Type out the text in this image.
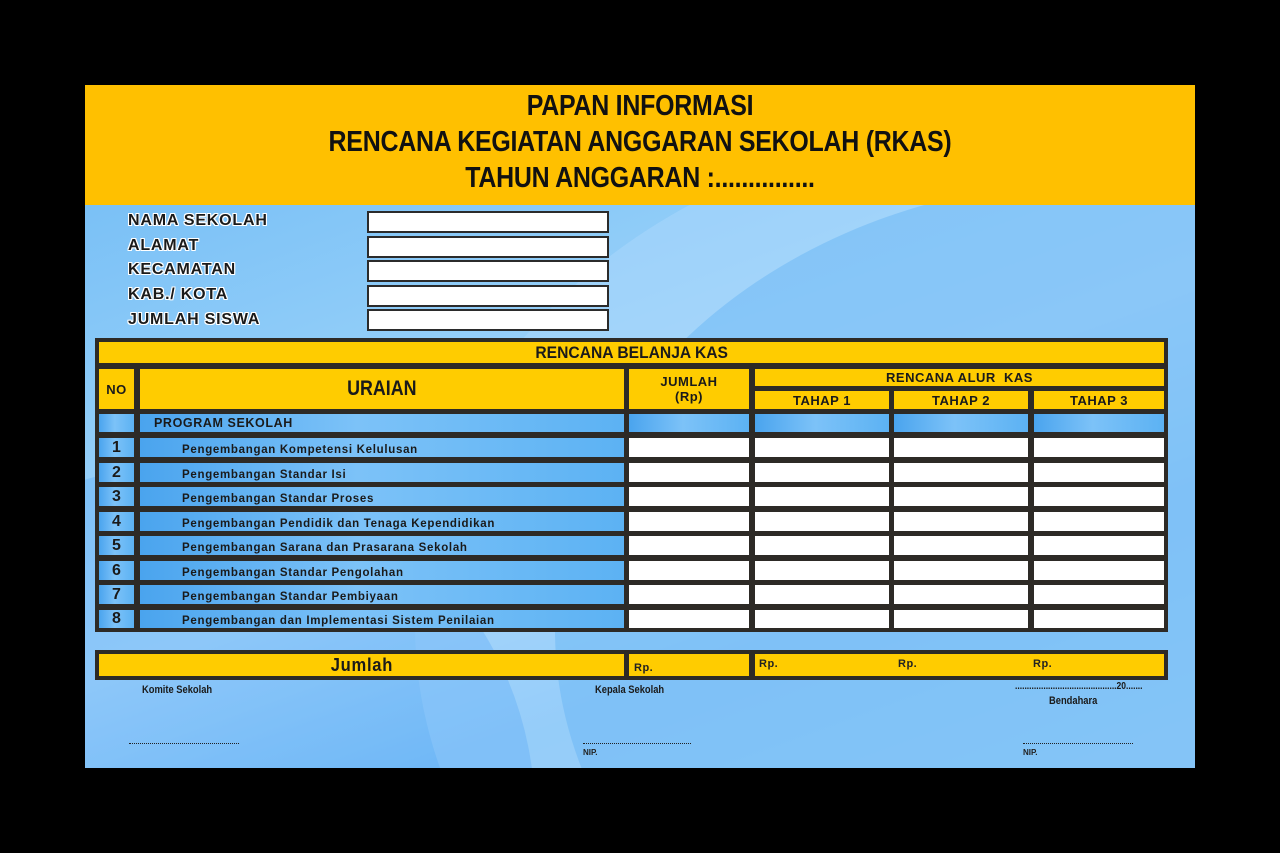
PAPAN INFORMASI
RENCANA KEGIATAN ANGGARAN SEKOLAH (RKAS)
TAHUN ANGGARAN :...............
NAMA SEKOLAH
ALAMAT
KECAMATAN
KAB./ KOTA
JUMLAH SISWA
RENCANA BELANJA KAS
NO	URAIAN	JUMLAH
(Rp)
RENCANA ALUR  KAS
TAHAP 1	TAHAP 2	TAHAP 3
PROGRAM SEKOLAH
1	Pengembangan Kompetensi Kelulusan
2	Pengembangan Standar Isi
3	Pengembangan Standar Proses
4	Pengembangan Pendidik dan Tenaga Kependidikan
5	Pengembangan Sarana dan Prasarana Sekolah
6	Pengembangan Standar Pengolahan
7	Pengembangan Standar Pembiyaan
8	Pengembangan dan Implementasi Sistem Penilaian
Jumlah	Rp.	Rp.	Rp.	Rp.
Komite Sekolah	Kepala Sekolah
NIP.
...........................................20.......
Bendahara
NIP.
